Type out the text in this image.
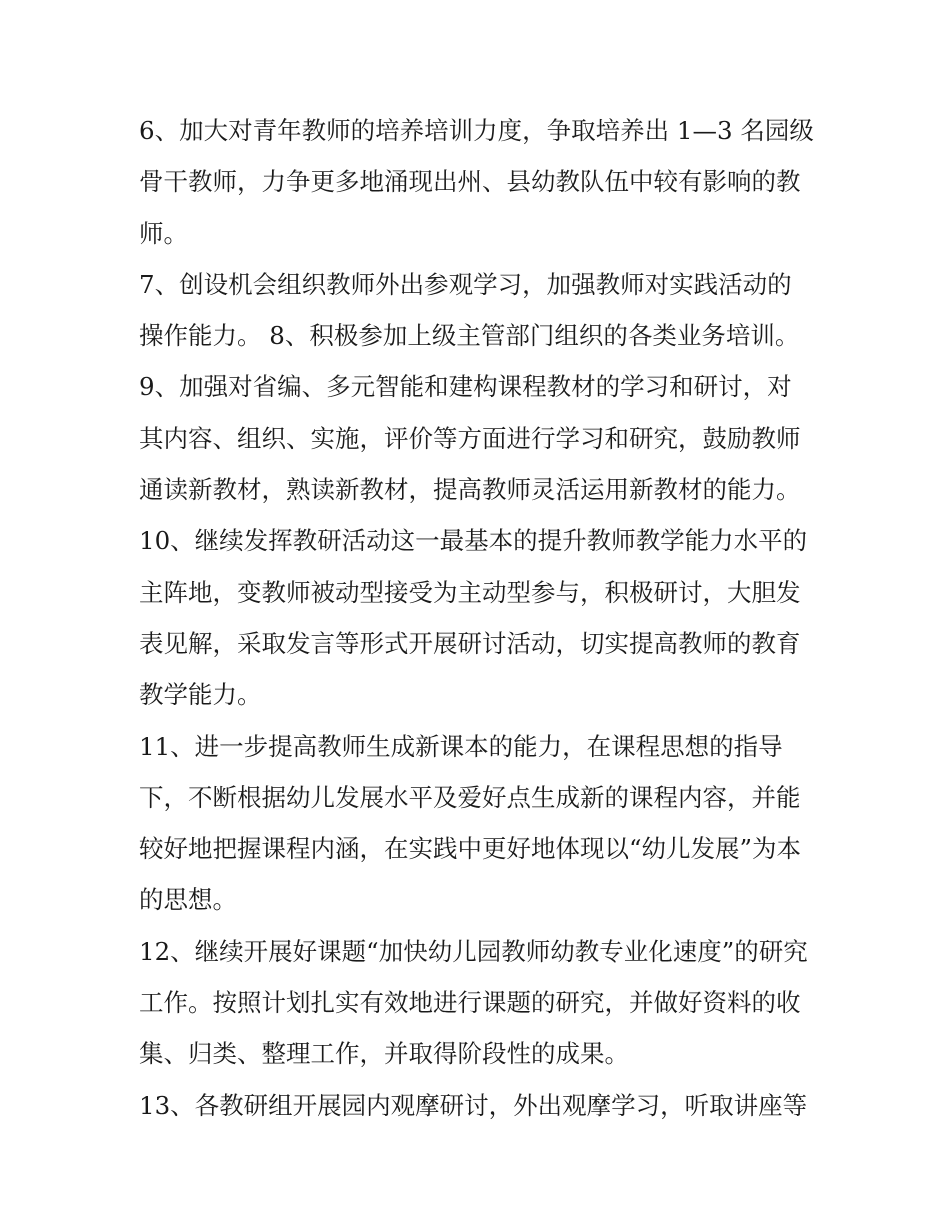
6、加大对青年教师的培养培训力度，争取培养出 1—3 名园级
骨干教师，力争更多地涌现出州、县幼教队伍中较有影响的教
师。
7、创设机会组织教师外出参观学习，加强教师对实践活动的
操作能力。 8、积极参加上级主管部门组织的各类业务培训。
9、加强对省编、多元智能和建构课程教材的学习和研讨，对
其内容、组织、实施，评价等方面进行学习和研究，鼓励教师
通读新教材，熟读新教材，提高教师灵活运用新教材的能力。
10、继续发挥教研活动这一最基本的提升教师教学能力水平的
主阵地，变教师被动型接受为主动型参与，积极研讨，大胆发
表见解，采取发言等形式开展研讨活动，切实提高教师的教育
教学能力。
11、进一步提高教师生成新课本的能力，在课程思想的指导
下，不断根据幼儿发展水平及爱好点生成新的课程内容，并能
较好地把握课程内涵，在实践中更好地体现以“幼儿发展”为本
的思想。
12、继续开展好课题“加快幼儿园教师幼教专业化速度”的研究
工作。按照计划扎实有效地进行课题的研究，并做好资料的收
集、归类、整理工作，并取得阶段性的成果。
13、各教研组开展园内观摩研讨，外出观摩学习，听取讲座等
